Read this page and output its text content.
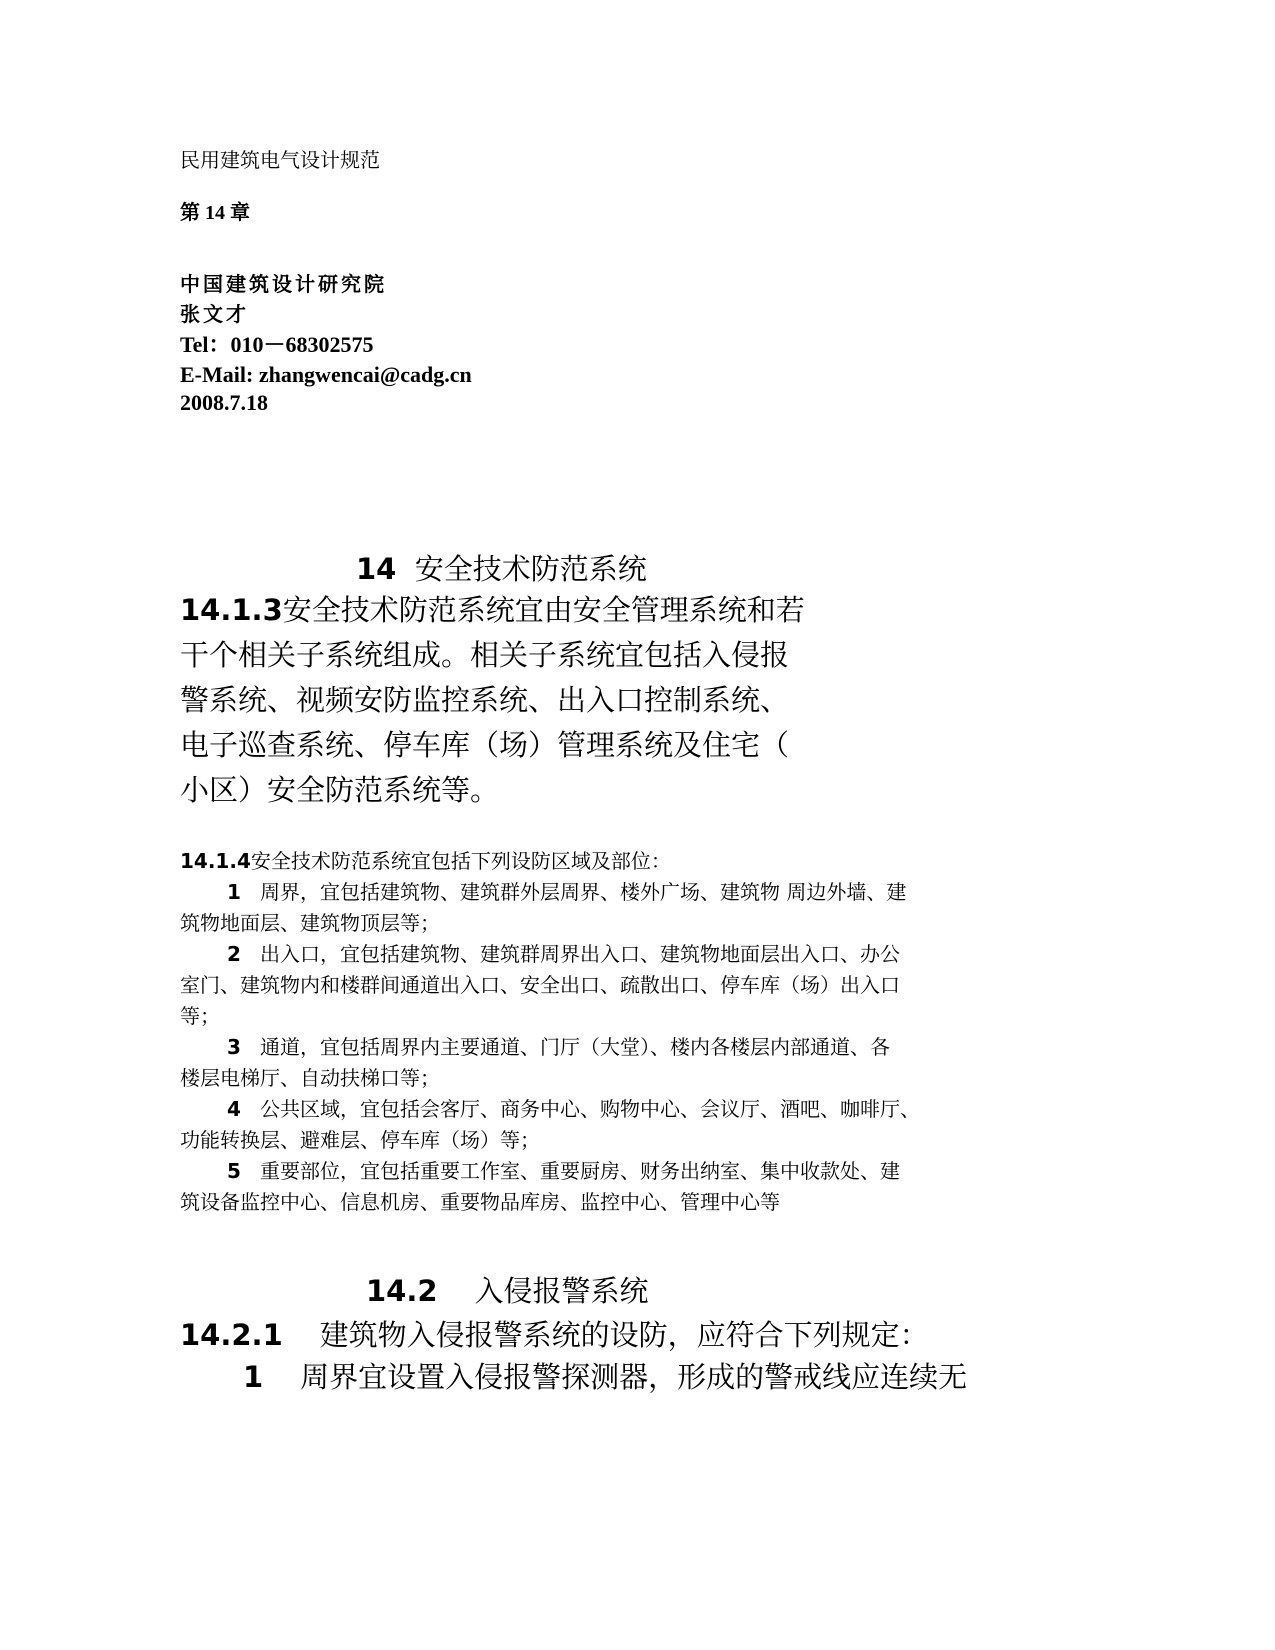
民用建筑电气设计规范
第 14 章
中国建筑设计研究院
张文才
Tel：010－68302575
E-Mail: zhangwencai@cadg.cn
2008.7.18
14 安全技术防范系统
14.1.3安全技术防范系统宜由安全管理系统和若
干个相关子系统组成。相关子系统宜包括入侵报
警系统、视频安防监控系统、出入口控制系统、
电子巡查系统、停车库（场）管理系统及住宅（
小区）安全防范系统等。
14.1.4安全技术防范系统宜包括下列设防区域及部位：
1 周界，宜包括建筑物、建筑群外层周界、楼外广场、建筑物 周边外墙、建
筑物地面层、建筑物顶层等；
2 出入口，宜包括建筑物、建筑群周界出入口、建筑物地面层出入口、办公
室门、建筑物内和楼群间通道出入口、安全出口、疏散出口、停车库（场）出入口
等；
3 通道，宜包括周界内主要通道、门厅（大堂）、楼内各楼层内部通道、各
楼层电梯厅、自动扶梯口等；
4 公共区域，宜包括会客厅、商务中心、购物中心、会议厅、酒吧、咖啡厅、
功能转换层、避难层、停车库（场）等；
5 重要部位，宜包括重要工作室、重要厨房、财务出纳室、集中收款处、建
筑设备监控中心、信息机房、重要物品库房、监控中心、管理中心等
14.2 入侵报警系统
14.2.1 建筑物入侵报警系统的设防，应符合下列规定：
1 周界宜设置入侵报警探测器，形成的警戒线应连续无
